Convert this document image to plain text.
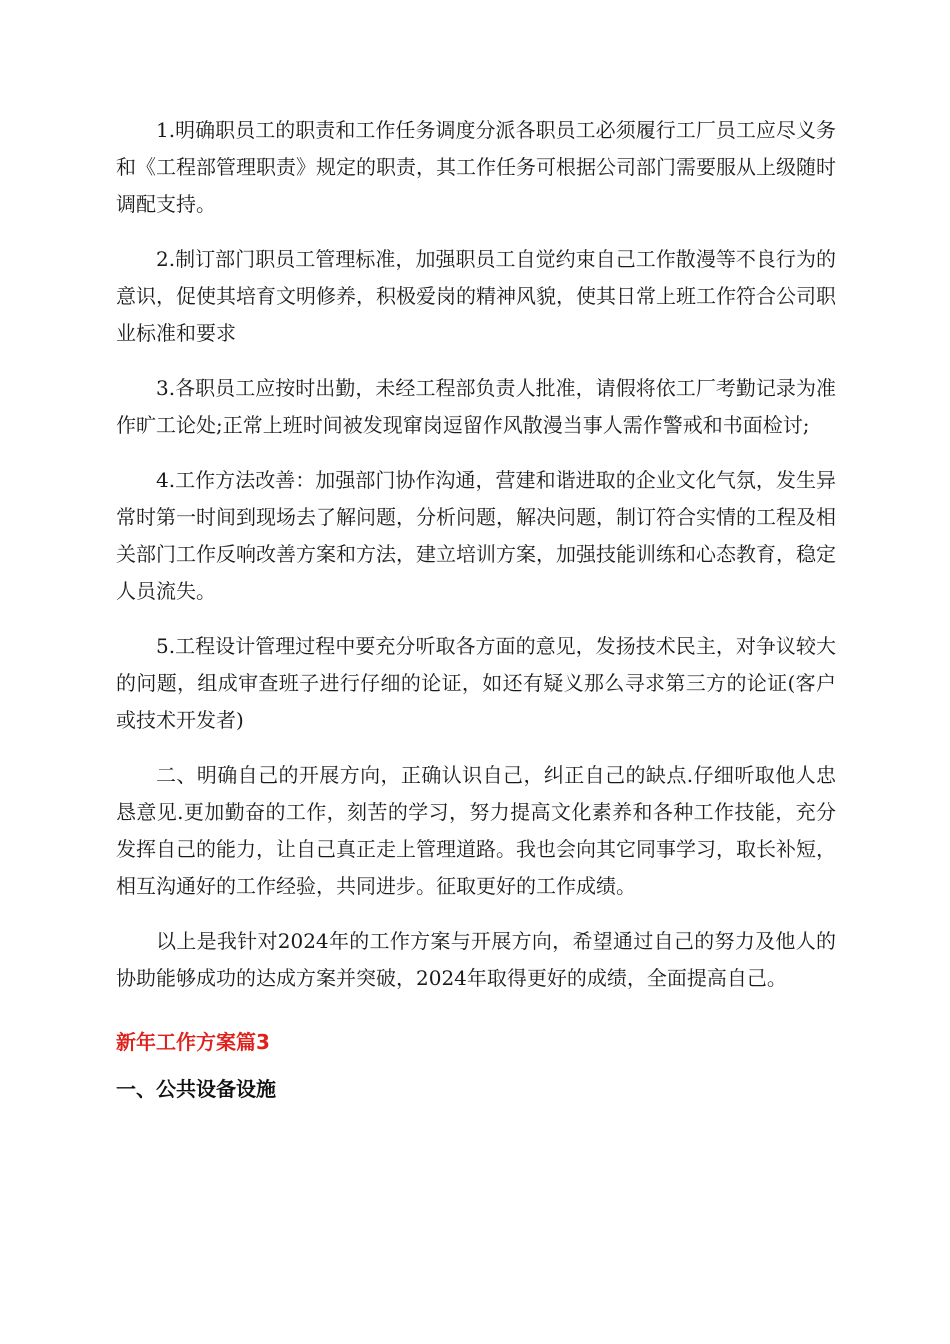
1.明确职员工的职责和工作任务调度分派各职员工必须履行工厂员工应尽义务和《工程部管理职责》规定的职责，其工作任务可根据公司部门需要服从上级随时调配支持。

2.制订部门职员工管理标准，加强职员工自觉约束自己工作散漫等不良行为的意识，促使其培育文明修养，积极爱岗的精神风貌，使其日常上班工作符合公司职业标准和要求

3.各职员工应按时出勤，未经工程部负责人批准，请假将依工厂考勤记录为准作旷工论处;正常上班时间被发现窜岗逗留作风散漫当事人需作警戒和书面检讨;

4.工作方法改善：加强部门协作沟通，营建和谐进取的企业文化气氛，发生异常时第一时间到现场去了解问题，分析问题，解决问题，制订符合实情的工程及相关部门工作反响改善方案和方法，建立培训方案，加强技能训练和心态教育，稳定人员流失。

5.工程设计管理过程中要充分听取各方面的意见，发扬技术民主，对争议较大的问题，组成审查班子进行仔细的论证，如还有疑义那么寻求第三方的论证(客户或技术开发者)

二、明确自己的开展方向，正确认识自己，纠正自己的缺点.仔细听取他人忠恳意见.更加勤奋的工作，刻苦的学习，努力提高文化素养和各种工作技能，充分发挥自己的能力，让自己真正走上管理道路。我也会向其它同事学习，取长补短，相互沟通好的工作经验，共同进步。征取更好的工作成绩。

以上是我针对2024年的工作方案与开展方向，希望通过自己的努力及他人的协助能够成功的达成方案并突破，2024年取得更好的成绩，全面提高自己。

新年工作方案篇3
一、公共设备设施
